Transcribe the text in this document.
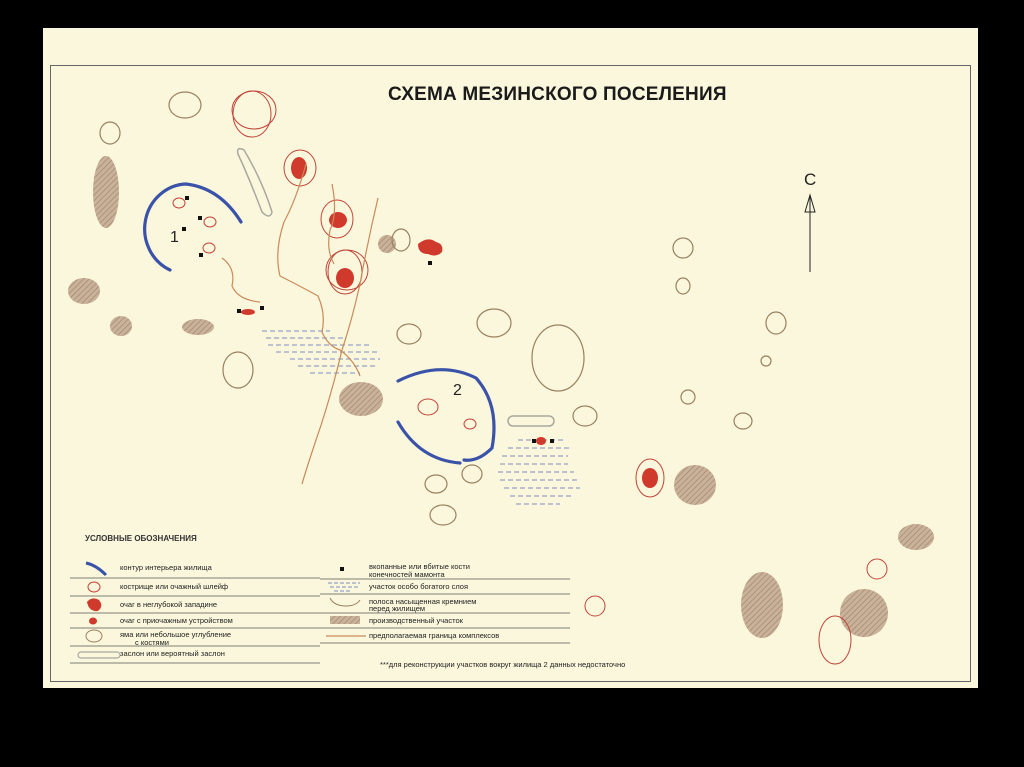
СХЕМА МЕЗИНСКОГО ПОСЕЛЕНИЯ
С
1
2
УСЛОВНЫЕ ОБОЗНАЧЕНИЯ
контур интерьера жилища
кострище или очажный шлейф
очаг в неглубокой западине
очаг с приочажным устройством
яма или небольшое углубление
с костями
заслон или вероятный заслон
вкопанные или вбитые кости
конечностей мамонта
участок особо богатого слоя
полоса насыщенная кремнием
перед жилищем
производственный участок
предполагаемая граница комплексов
***для реконструкции участков вокруг жилища 2 данных недостаточно
